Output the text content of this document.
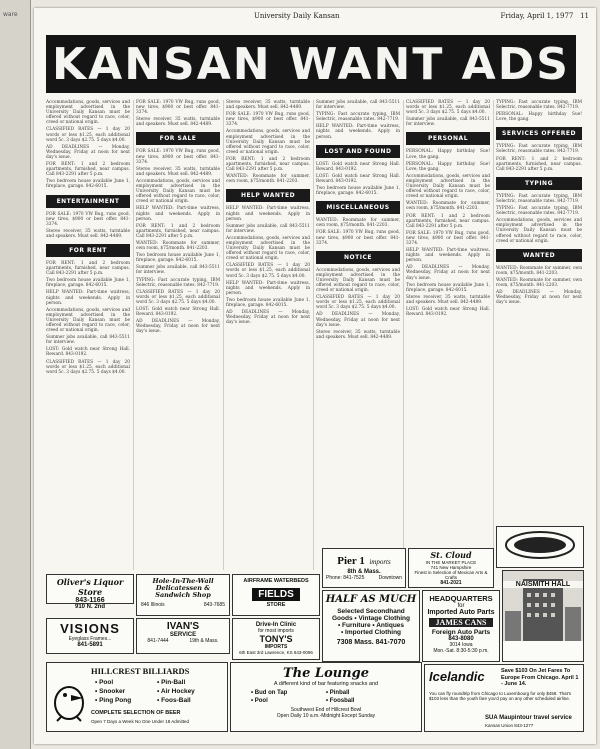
ware	University Daily Kansan	Friday, April 1, 1977 11
KANSAN WANT ADS

Accommodations, goods, services and employment advertised in the University Daily Kansan must be offered without regard to race, color, creed or national origin.

CLASSIFIED RATES — 1 day 20 words or less $1.25, each additional word 5c. 3 days $2.75. 5 days $4.00.

AD DEADLINES — Monday, Wednesday, Friday at noon for next day's issue.

FOR RENT: 1 and 2 bedroom apartments, furnished, near campus. Call 843-2291 after 5 p.m.

Two bedroom house available June 1, fireplace, garage. 842-6015.

ENTERTAINMENT

FOR SALE: 1970 VW Bug, runs good, new tires, $900 or best offer. 841-3374.

Stereo receiver, 35 watts, turntable and speakers. Must sell. 842-4489.

FOR RENT

FOR RENT: 1 and 2 bedroom apartments, furnished, near campus. Call 843-2291 after 5 p.m.

Two bedroom house available June 1, fireplace, garage. 842-6015.

HELP WANTED: Part-time waitress, nights and weekends. Apply in person.

Accommodations, goods, services and employment advertised in the University Daily Kansan must be offered without regard to race, color, creed or national origin.

Summer jobs available, call 843-5511 for interview.

LOST: Gold watch near Strong Hall. Reward. 843-0192.

CLASSIFIED RATES — 1 day 20 words or less $1.25, each additional word 5c. 3 days $2.75. 5 days $4.00.

FOR SALE: 1970 VW Bug, runs good, new tires, $900 or best offer. 841-3374.

Stereo receiver, 35 watts, turntable and speakers. Must sell. 842-4489.

FOR SALE

FOR SALE: 1970 VW Bug, runs good, new tires, $900 or best offer. 841-3374.

Stereo receiver, 35 watts, turntable and speakers. Must sell. 842-4489.

Accommodations, goods, services and employment advertised in the University Daily Kansan must be offered without regard to race, color, creed or national origin.

HELP WANTED: Part-time waitress, nights and weekends. Apply in person.

FOR RENT: 1 and 2 bedroom apartments, furnished, near campus. Call 843-2291 after 5 p.m.

WANTED: Roommate for summer, own room, $75/month. 841-2203.

Two bedroom house available June 1, fireplace, garage. 842-6015.

Summer jobs available, call 843-5511 for interview.

TYPING: Fast accurate typing, IBM Selectric, reasonable rates. 842-7719.

CLASSIFIED RATES — 1 day 20 words or less $1.25, each additional word 5c. 3 days $2.75. 5 days $4.00.

LOST: Gold watch near Strong Hall. Reward. 843-0192.

AD DEADLINES — Monday, Wednesday, Friday at noon for next day's issue.

Stereo receiver, 35 watts, turntable and speakers. Must sell. 842-4489.

FOR SALE: 1970 VW Bug, runs good, new tires, $900 or best offer. 841-3374.

Accommodations, goods, services and employment advertised in the University Daily Kansan must be offered without regard to race, color, creed or national origin.

FOR RENT: 1 and 2 bedroom apartments, furnished, near campus. Call 843-2291 after 5 p.m.

WANTED: Roommate for summer, own room, $75/month. 841-2203.

HELP WANTED

HELP WANTED: Part-time waitress, nights and weekends. Apply in person.

Summer jobs available, call 843-5511 for interview.

Accommodations, goods, services and employment advertised in the University Daily Kansan must be offered without regard to race, color, creed or national origin.

CLASSIFIED RATES — 1 day 20 words or less $1.25, each additional word 5c. 3 days $2.75. 5 days $4.00.

HELP WANTED: Part-time waitress, nights and weekends. Apply in person.

Two bedroom house available June 1, fireplace, garage. 842-6015.

AD DEADLINES — Monday, Wednesday, Friday at noon for next day's issue.

Summer jobs available, call 843-5511 for interview.

TYPING: Fast accurate typing, IBM Selectric, reasonable rates. 842-7719.

HELP WANTED: Part-time waitress, nights and weekends. Apply in person.

LOST AND FOUND

LOST: Gold watch near Strong Hall. Reward. 843-0192.

LOST: Gold watch near Strong Hall. Reward. 843-0192.

Two bedroom house available June 1, fireplace, garage. 842-6015.

MISCELLANEOUS

WANTED: Roommate for summer, own room, $75/month. 841-2203.

FOR SALE: 1970 VW Bug, runs good, new tires, $900 or best offer. 841-3374.

NOTICE

Accommodations, goods, services and employment advertised in the University Daily Kansan must be offered without regard to race, color, creed or national origin.

CLASSIFIED RATES — 1 day 20 words or less $1.25, each additional word 5c. 3 days $2.75. 5 days $4.00.

AD DEADLINES — Monday, Wednesday, Friday at noon for next day's issue.

Stereo receiver, 35 watts, turntable and speakers. Must sell. 842-4489.

CLASSIFIED RATES — 1 day 20 words or less $1.25, each additional word 5c. 3 days $2.75. 5 days $4.00.

Summer jobs available, call 843-5511 for interview.

PERSONAL

PERSONAL: Happy birthday Sue! Love, the gang.

PERSONAL: Happy birthday Sue! Love, the gang.

Accommodations, goods, services and employment advertised in the University Daily Kansan must be offered without regard to race, color, creed or national origin.

WANTED: Roommate for summer, own room, $75/month. 841-2203.

FOR RENT: 1 and 2 bedroom apartments, furnished, near campus. Call 843-2291 after 5 p.m.

FOR SALE: 1970 VW Bug, runs good, new tires, $900 or best offer. 841-3374.

HELP WANTED: Part-time waitress, nights and weekends. Apply in person.

AD DEADLINES — Monday, Wednesday, Friday at noon for next day's issue.

Two bedroom house available June 1, fireplace, garage. 842-6015.

Stereo receiver, 35 watts, turntable and speakers. Must sell. 842-4489.

LOST: Gold watch near Strong Hall. Reward. 843-0192.

TYPING: Fast accurate typing, IBM Selectric, reasonable rates. 842-7719.

PERSONAL: Happy birthday Sue! Love, the gang.

SERVICES OFFERED

TYPING: Fast accurate typing, IBM Selectric, reasonable rates. 842-7719.

FOR RENT: 1 and 2 bedroom apartments, furnished, near campus. Call 843-2291 after 5 p.m.

TYPING

TYPING: Fast accurate typing, IBM Selectric, reasonable rates. 842-7719.

TYPING: Fast accurate typing, IBM Selectric, reasonable rates. 842-7719.

Accommodations, goods, services and employment advertised in the University Daily Kansan must be offered without regard to race, color, creed or national origin.

WANTED

WANTED: Roommate for summer, own room, $75/month. 841-2203.

WANTED: Roommate for summer, own room, $75/month. 841-2203.

AD DEADLINES — Monday, Wednesday, Friday at noon for next day's issue.

Oliver's Liquor Store
843-1166
910 N. 2nd
Hole-In-The-Wall Delicatessen & Sandwich Shop
846 Illinois	843-7685
AIRFRAME WATERBEDS
FIELDS
STORE
Pier 1 imports
8th & Mass.
Phone: 841-7525	Downtown
St. Cloud
IN THE MARKET PLACE
741 New Hampshire
Finest in Selection of Mexican Arts & Crafts
841-2021
VISIONS
Eyeglass Frames...
841-5891
IVAN'S
SERVICE
841-7444	19th & Mass.
Drive-In Clinic
for most imports
TONY'S
IMPORTS
6th East 3rd Lawrence, KS 843-0096
HALF AS MUCH
Selected Secondhand
Goods • Vintage Clothing
• Furniture • Antiques
• Imported Clothing
7308 Mass. 841-7070
HEADQUARTERS
for
Imported Auto Parts
JAMES CANS
Foreign Auto Parts
843-8080
3014 Iowa
Mon.-Sat. 8:30-5:30 p.m.
NAISMITH HALL
HILLCREST BILLIARDS
• Pool	• Pin-Ball
• Snooker	• Air Hockey
• Ping Pong	• Foos-Ball
COMPLETE SELECTION OF BEER
Open 7 Days a Week No One Under 18 Admitted
The Lounge
A different kind of bar featuring snacks and
• Bud on Tap	• Pinball
• Pool	• Foosball
Southwest End of Hillcrest Bowl
Open Daily 10 a.m.-Midnight Except Sunday
Icelandic	Save $103 On Jet Fares To Europe From Chicago. April 1 - June 14.
You can fly roundtrip from Chicago to Luxembourg for only $458. That's $103 less than the youth fare you'd pay on any other scheduled airline.
SUA Maupintour travel service
Kansas Union 843-1277
